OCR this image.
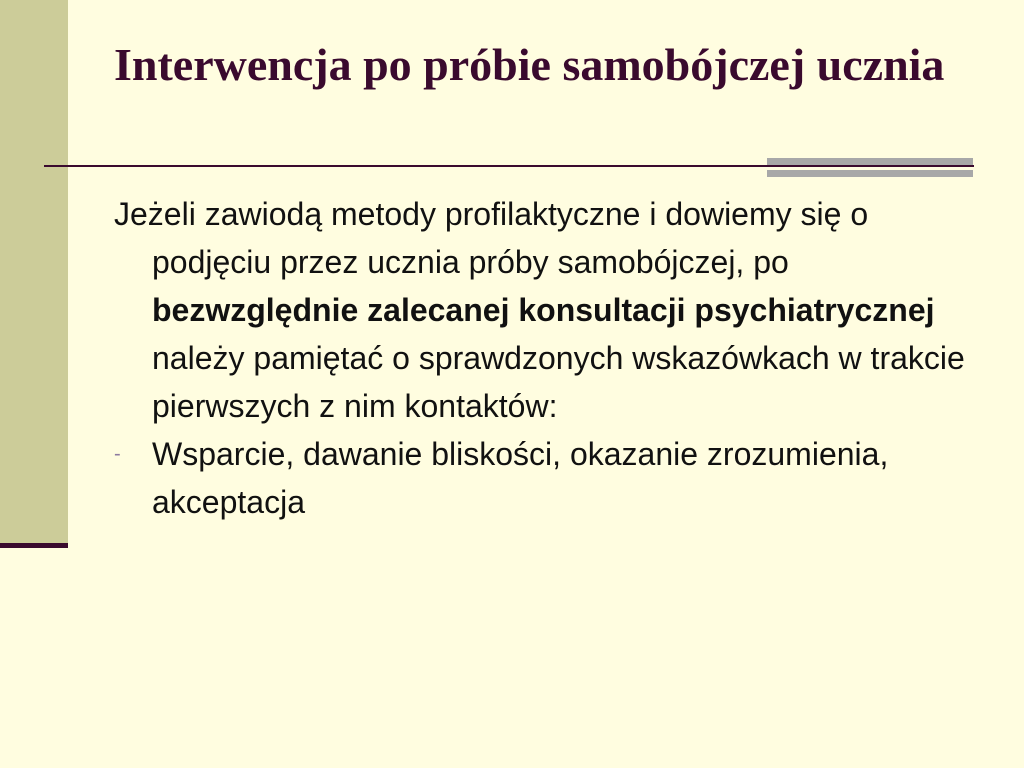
Interwencja po próbie samobójczej ucznia

Jeżeli zawiodą metody profilaktyczne i dowiemy się o podjęciu przez ucznia próby samobójczej, po bezwzględnie zalecanej konsultacji psychiatrycznej należy pamiętać o sprawdzonych wskazówkach w trakcie pierwszych z nim kontaktów:

- Wsparcie, dawanie bliskości, okazanie zrozumienia, akceptacja
